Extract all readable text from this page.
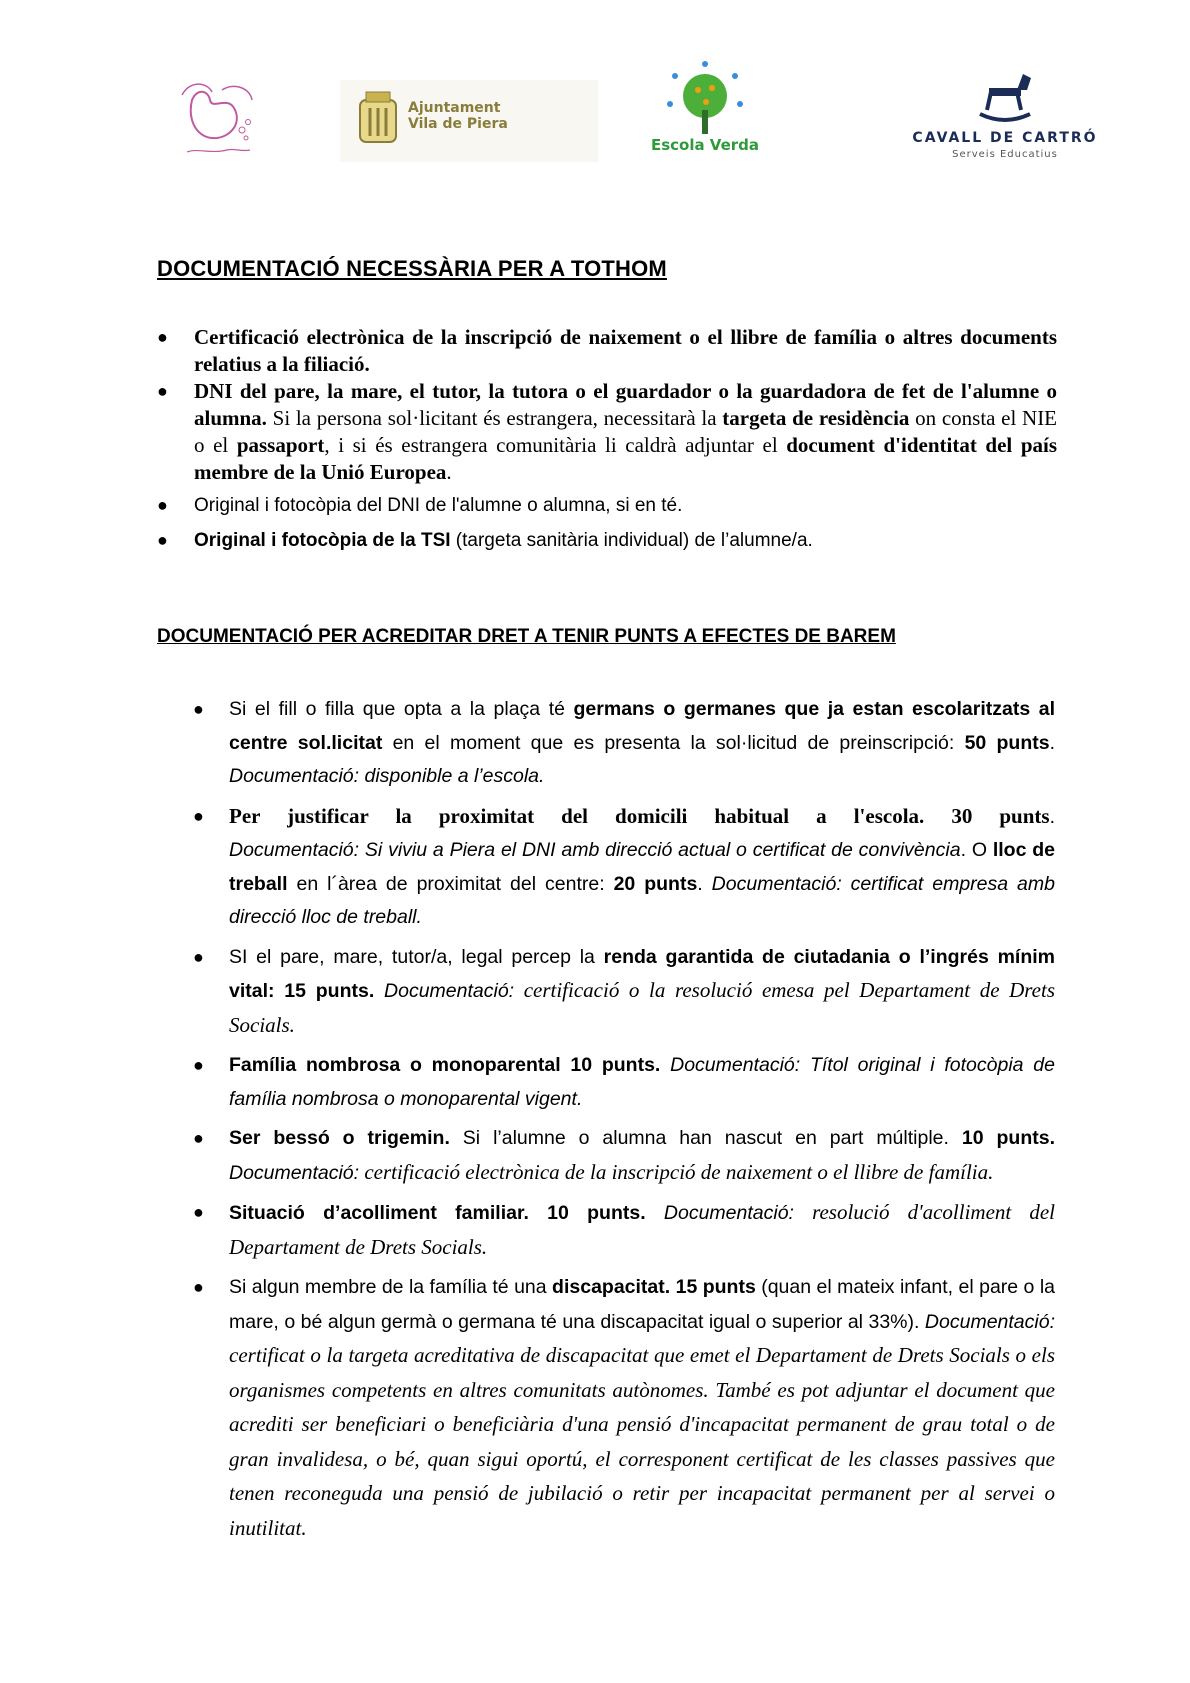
Ajuntament
Vila de Piera
Escola Verda	CAVALL DE CARTRÓ
Serveis Educatius
DOCUMENTACIÓ NECESSÀRIA PER A TOTHOM
● Certificació electrònica de la inscripció de naixement o el llibre de família o altres documents relatius a la filiació.
● DNI del pare, la mare, el tutor, la tutora o el guardador o la guardadora de fet de l'alumne o alumna. Si la persona sol·licitant és estrangera, necessitarà la targeta de residència on consta el NIE o el passaport, i si és estrangera comunitària li caldrà adjuntar el document d'identitat del país membre de la Unió Europea.
● Original i fotocòpia del DNI de l'alumne o alumna, si en té.
● Original i fotocòpia de la TSI (targeta sanitària individual) de l’alumne/a.
DOCUMENTACIÓ PER ACREDITAR DRET A TENIR PUNTS A EFECTES DE BAREM
● Si el fill o filla que opta a la plaça té germans o germanes que ja estan escolaritzats al centre sol.licitat en el moment que es presenta la sol·licitud de preinscripció: 50 punts. Documentació: disponible a l’escola.
● Per justificar la proximitat del domicili habitual a l'escola. 30 punts. Documentació: Si viviu a Piera el DNI amb direcció actual o certificat de convivència. O lloc de treball en l´àrea de proximitat del centre: 20 punts. Documentació: certificat empresa amb direcció lloc de treball.
● SI el pare, mare, tutor/a, legal percep la renda garantida de ciutadania o l’ingrés mínim vital: 15 punts. Documentació: certificació o la resolució emesa pel Departament de Drets Socials.
● Família nombrosa o monoparental 10 punts. Documentació: Títol original i fotocòpia de família nombrosa o monoparental vigent.
● Ser bessó o trigemin. Si l’alumne o alumna han nascut en part múltiple. 10 punts. Documentació: certificació electrònica de la inscripció de naixement o el llibre de família.
● Situació d’acolliment familiar. 10 punts. Documentació: resolució d'acolliment del Departament de Drets Socials.
● Si algun membre de la família té una discapacitat. 15 punts (quan el mateix infant, el pare o la mare, o bé algun germà o germana té una discapacitat igual o superior al 33%). Documentació: certificat o la targeta acreditativa de discapacitat que emet el Departament de Drets Socials o els organismes competents en altres comunitats autònomes. També es pot adjuntar el document que acrediti ser beneficiari o beneficiària d'una pensió d'incapacitat permanent de grau total o de gran invalidesa, o bé, quan sigui oportú, el corresponent certificat de les classes passives que tenen reconeguda una pensió de jubilació o retir per incapacitat permanent per al servei o inutilitat.
